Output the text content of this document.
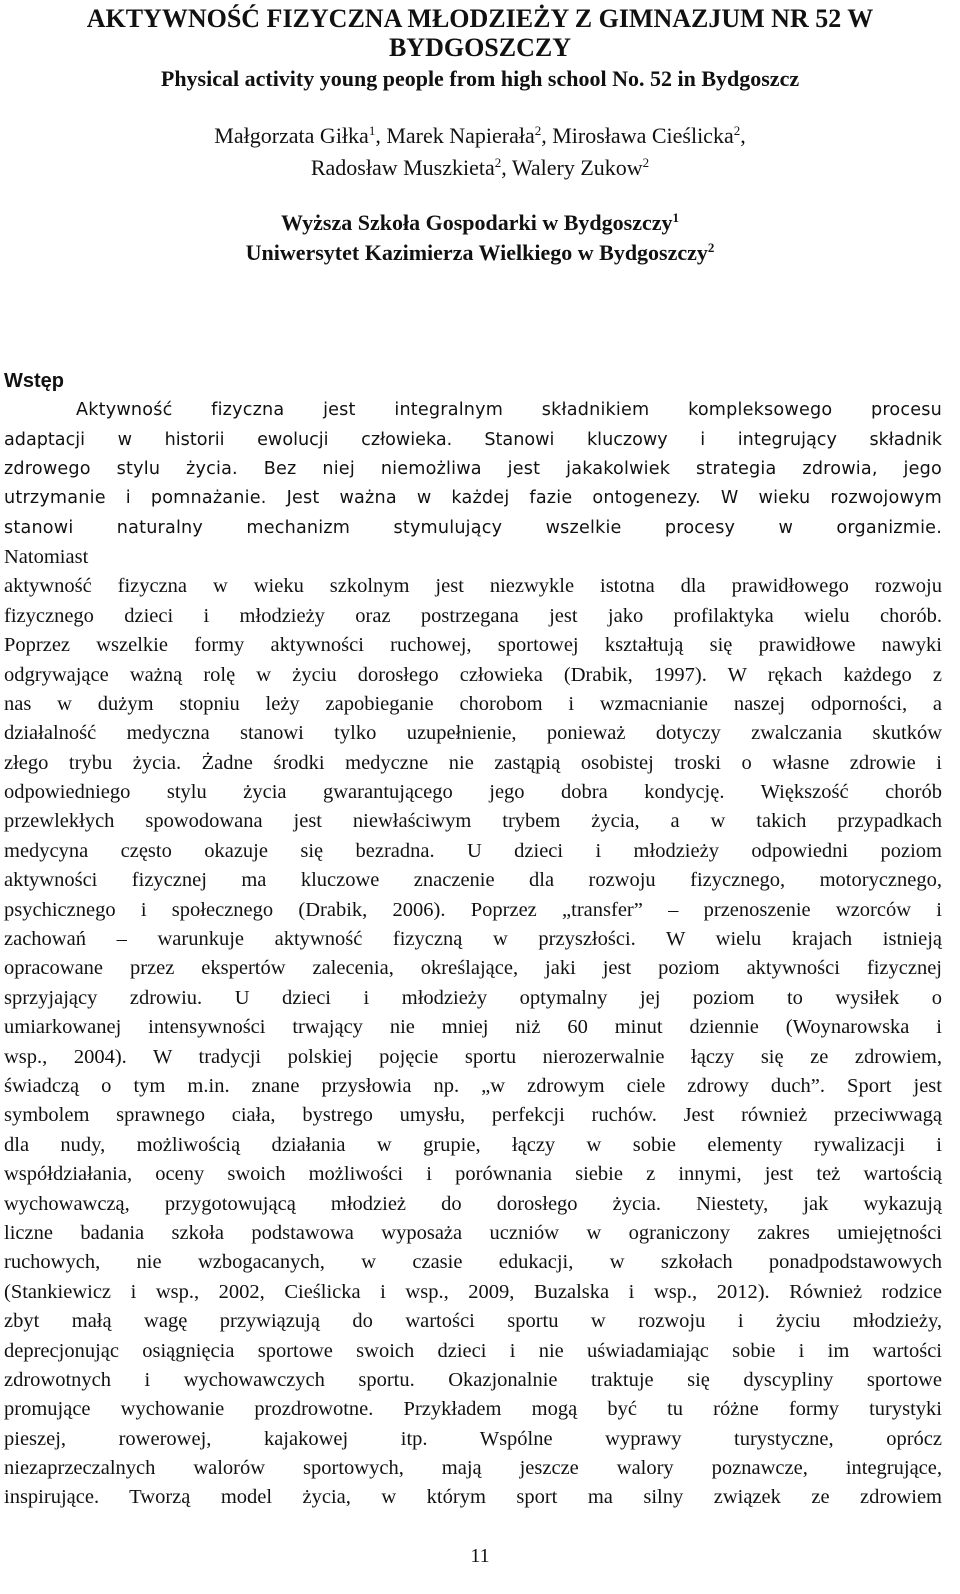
AKTYWNOŚĆ FIZYCZNA MŁODZIEŻY Z GIMNAZJUM NR 52 W BYDGOSZCZY
Physical activity young people from high school No. 52 in Bydgoszcz
Małgorzata Giłka$^1$, Marek Napierała$^2$, Mirosława Cieślicka$^2$,
Radosław Muszkieta$^2$, Walery Zukow$^2$
Wyższa Szkoła Gospodarki w Bydgoszczy$^1$
Uniwersytet Kazimierza Wielkiego w Bydgoszczy$^2$
Wstęp
Aktywność fizyczna jest integralnym składnikiem kompleksowego procesu
adaptacji w historii ewolucji człowieka. Stanowi kluczowy i integrujący składnik
zdrowego stylu życia. Bez niej niemożliwa jest jakakolwiek strategia zdrowia, jego
utrzymanie i pomnażanie. Jest ważna w każdej fazie ontogenezy. W wieku rozwojowym
stanowi naturalny mechanizm stymulujący wszelkie procesy w organizmie.
Natomiast
aktywność fizyczna w wieku szkolnym jest niezwykle istotna dla prawidłowego rozwoju
fizycznego dzieci i młodzieży oraz postrzegana jest jako profilaktyka wielu chorób.
Poprzez wszelkie formy aktywności ruchowej, sportowej kształtują się prawidłowe nawyki
odgrywające ważną rolę w życiu dorosłego człowieka (Drabik, 1997). W rękach każdego z
nas w dużym stopniu leży zapobieganie chorobom i wzmacnianie naszej odporności, a
działalność medyczna stanowi tylko uzupełnienie, ponieważ dotyczy zwalczania skutków
złego trybu życia. Żadne środki medyczne nie zastąpią osobistej troski o własne zdrowie i
odpowiedniego stylu życia gwarantującego jego dobra kondycję. Większość chorób
przewlekłych spowodowana jest niewłaściwym trybem życia, a w takich przypadkach
medycyna często okazuje się bezradna. U dzieci i młodzieży odpowiedni poziom
aktywności fizycznej ma kluczowe znaczenie dla rozwoju fizycznego, motorycznego,
psychicznego i społecznego (Drabik, 2006). Poprzez „transfer” – przenoszenie wzorców i
zachowań – warunkuje aktywność fizyczną w przyszłości. W wielu krajach istnieją
opracowane przez ekspertów zalecenia, określające, jaki jest poziom aktywności fizycznej
sprzyjający zdrowiu. U dzieci i młodzieży optymalny jej poziom to wysiłek o
umiarkowanej intensywności trwający nie mniej niż 60 minut dziennie (Woynarowska i
wsp., 2004). W tradycji polskiej pojęcie sportu nierozerwalnie łączy się ze zdrowiem,
świadczą o tym m.in. znane przysłowia np. „w zdrowym ciele zdrowy duch”. Sport jest
symbolem sprawnego ciała, bystrego umysłu, perfekcji ruchów. Jest również przeciwwagą
dla nudy, możliwością działania w grupie, łączy w sobie elementy rywalizacji i
współdziałania, oceny swoich możliwości i porównania siebie z innymi, jest też wartością
wychowawczą, przygotowującą młodzież do dorosłego życia. Niestety, jak wykazują
liczne badania szkoła podstawowa wyposaża uczniów w ograniczony zakres umiejętności
ruchowych, nie wzbogacanych, w czasie edukacji, w szkołach ponadpodstawowych
(Stankiewicz i wsp., 2002, Cieślicka i wsp., 2009, Buzalska i wsp., 2012). Również rodzice
zbyt małą wagę przywiązują do wartości sportu w rozwoju i życiu młodzieży,
deprecjonując osiągnięcia sportowe swoich dzieci i nie uświadamiając sobie i im wartości
zdrowotnych i wychowawczych sportu. Okazjonalnie traktuje się dyscypliny sportowe
promujące wychowanie prozdrowotne. Przykładem mogą być tu różne formy turystyki
pieszej, rowerowej, kajakowej itp. Wspólne wyprawy turystyczne, oprócz
niezaprzeczalnych walorów sportowych, mają jeszcze walory poznawcze, integrujące,
inspirujące. Tworzą model życia, w którym sport ma silny związek ze zdrowiem
11
